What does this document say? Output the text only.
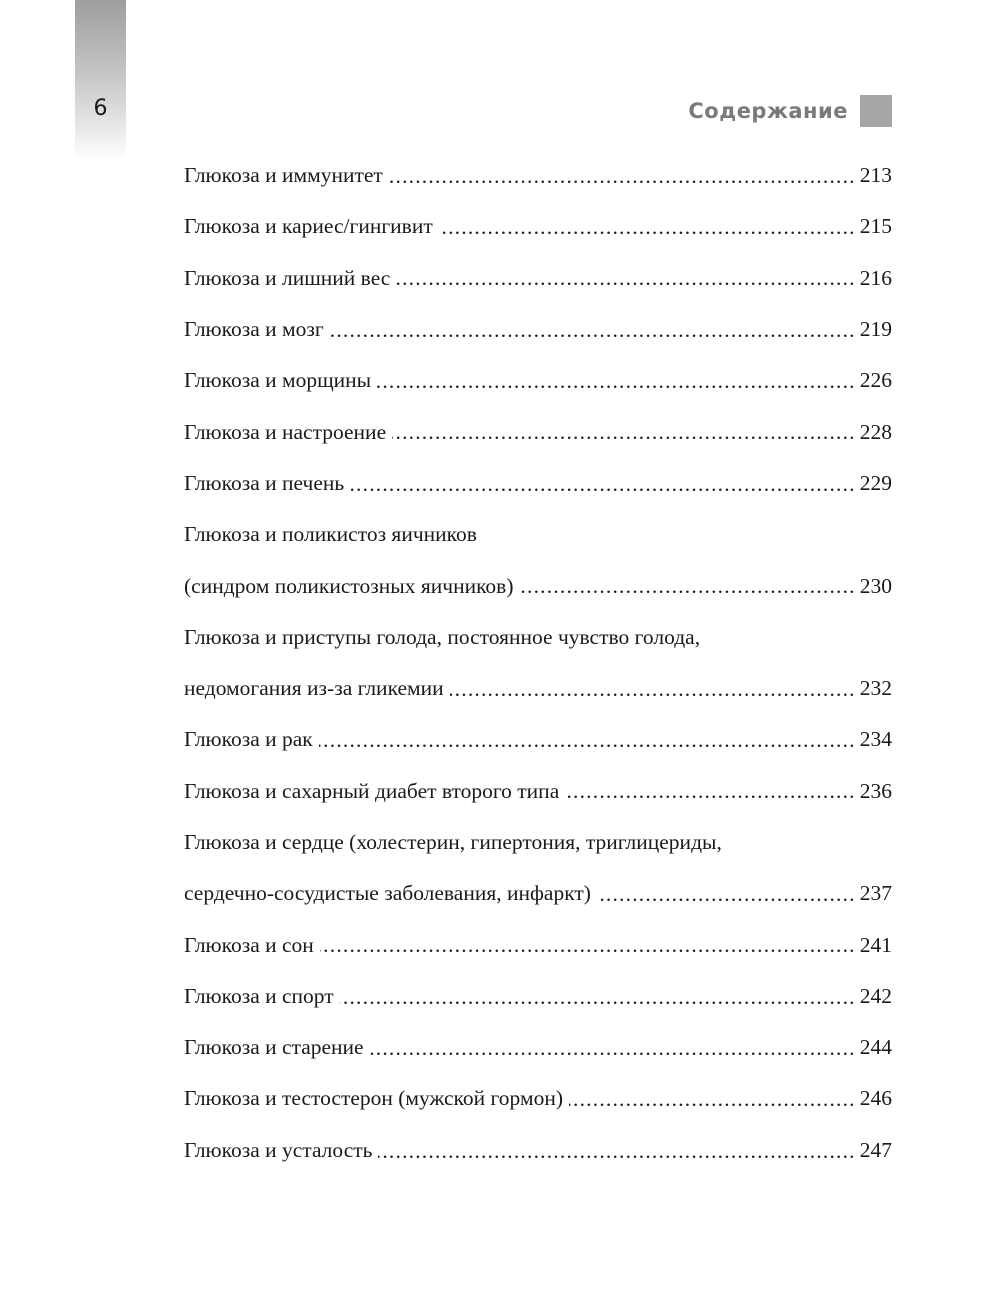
6	Содержание
Глюкоза и иммунитет .....	213
Глюкоза и кариес/гингивит .....	215
Глюкоза и лишний вес .....	216
Глюкоза и мозг .....	219
Глюкоза и морщины .....	226
Глюкоза и настроение .....	228
Глюкоза и печень .....	229
Глюкоза и поликистоз яичников
(синдром поликистозных яичников) .....	230
Глюкоза и приступы голода, постоянное чувство голода,
недомогания из-за гликемии .....	232
Глюкоза и рак .....	234
Глюкоза и сахарный диабет второго типа .....	236
Глюкоза и сердце (холестерин, гипертония, триглицериды,
сердечно-сосудистые заболевания, инфаркт) .....	237
Глюкоза и сон .....	241
Глюкоза и спорт .....	242
Глюкоза и старение .....	244
Глюкоза и тестостерон (мужской гормон) .....	246
Глюкоза и усталость .....	247
